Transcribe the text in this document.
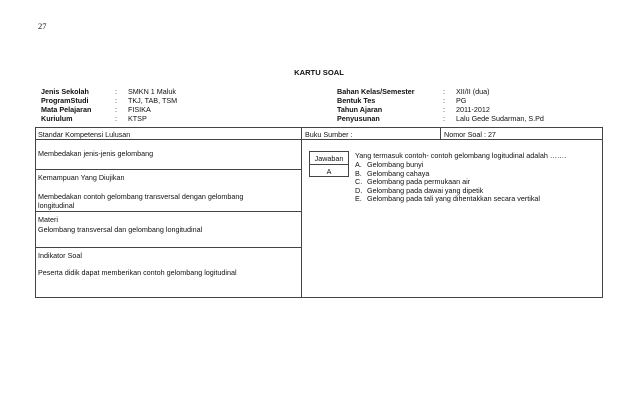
27
KARTU SOAL
Jenis Sekolah	: SMKN 1 Maluk
ProgramStudi	: TKJ, TAB, TSM
Mata Pelajaran	: FISIKA
Kuriulum	: KTSP
Bahan Kelas/Semester	: XII/II (dua)
Bentuk Tes	: PG
Tahun Ajaran	: 2011-2012
Penyusunan	: Lalu Gede Sudarman, S.Pd
Standar Kompetensi Lulusan
Membedakan jenis-jenis gelombang
Kemampuan Yang Diujikan
Membedakan contoh gelombang transversal dengan gelombang
longitudinal
Materi
Gelombang transversal dan gelombang longitudinal
Indikator Soal
Peserta didik dapat memberikan contoh gelombang logitudinal
Buku Sumber :	Nomor Soal : 27
Jawaban
A
Yang termasuk contoh- contoh gelombang logitudinal adalah …….
A. Gelombang bunyi
B. Gelombang cahaya
C. Gelombang pada permukaan air
D. Gelombang pada dawai yang dipetik
E. Gelombang pada tali yang dihentakkan secara vertikal
